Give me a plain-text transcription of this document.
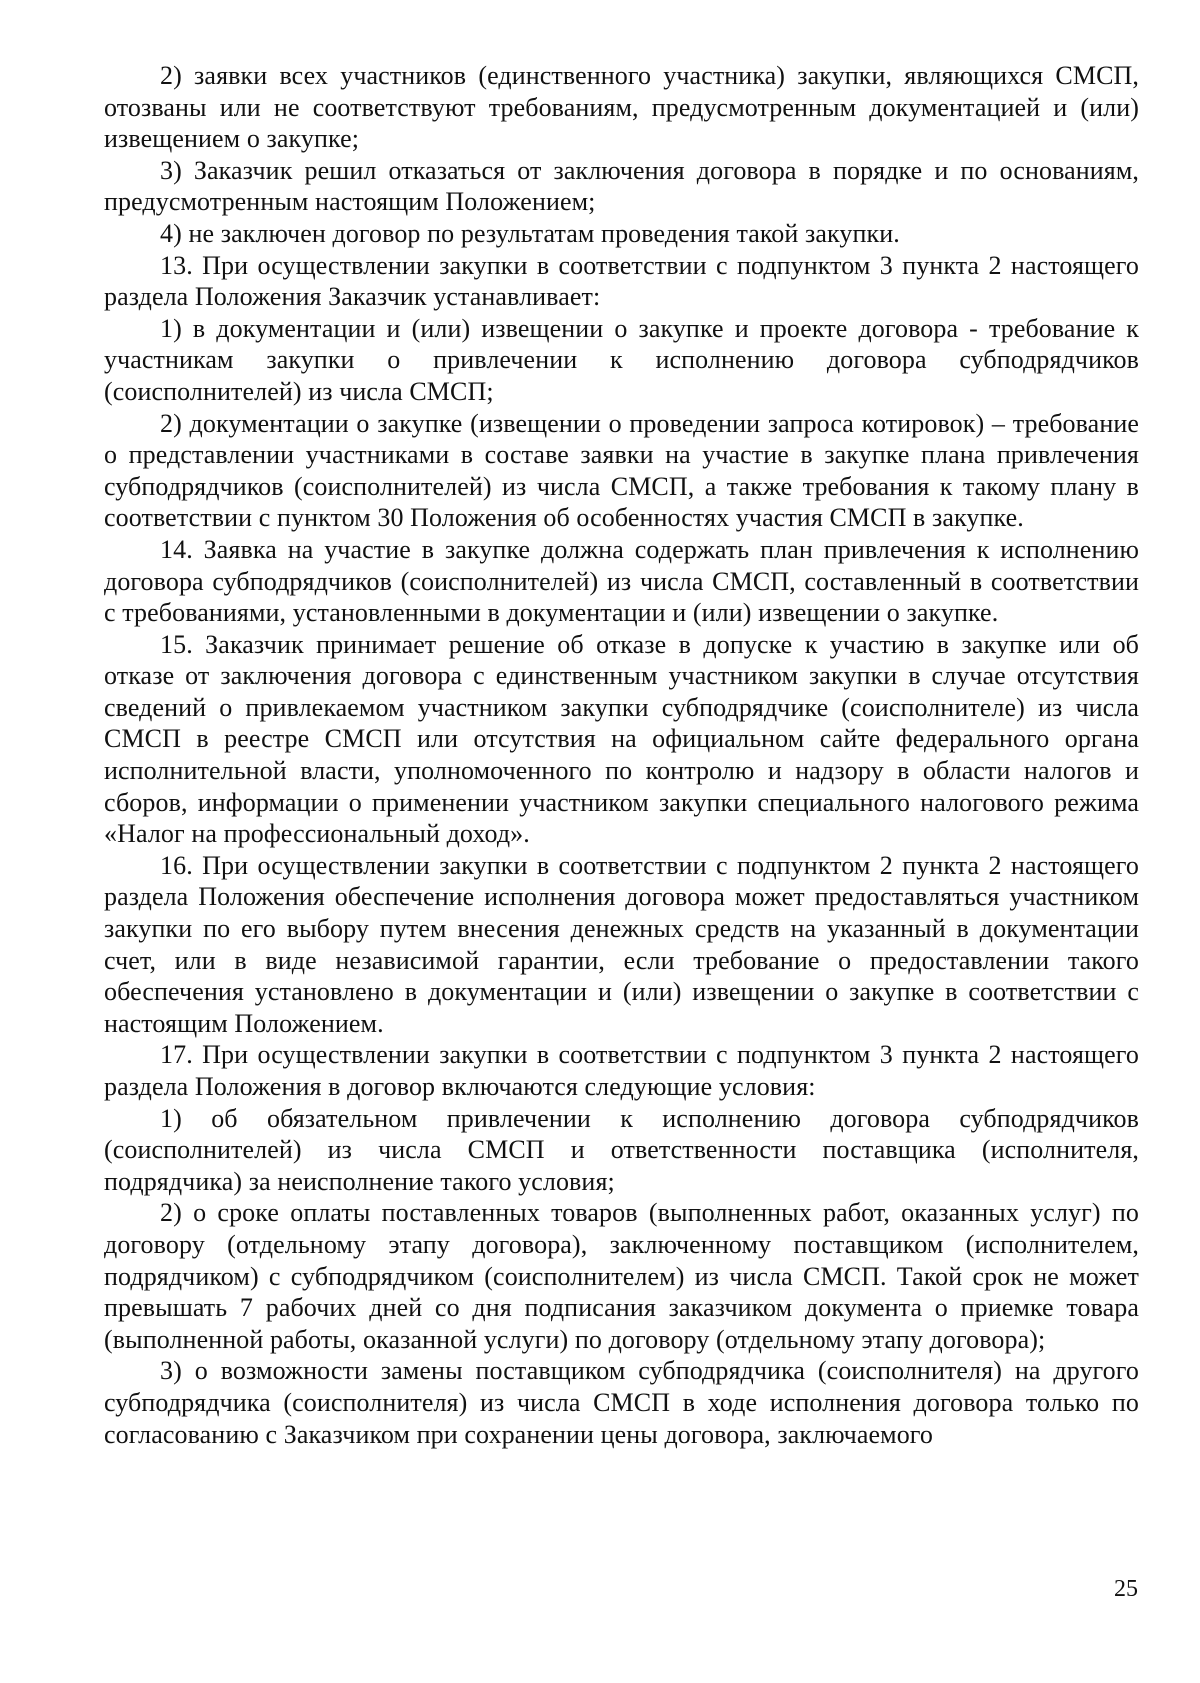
2) заявки всех участников (единственного участника) закупки, являющихся СМСП, отозваны или не соответствуют требованиям, предусмотренным документацией и (или) извещением о закупке;

3) Заказчик решил отказаться от заключения договора в порядке и по основаниям, предусмотренным настоящим Положением;

4) не заключен договор по результатам проведения такой закупки.

13. При осуществлении закупки в соответствии с подпунктом 3 пункта 2 настоящего раздела Положения Заказчик устанавливает:

1) в документации и (или) извещении о закупке и проекте договора - требование к участникам закупки о привлечении к исполнению договора субподрядчиков (соисполнителей) из числа СМСП;

2) документации о закупке (извещении о проведении запроса котировок) – требование о представлении участниками в составе заявки на участие в закупке плана привлечения субподрядчиков (соисполнителей) из числа СМСП, а также требования к такому плану в соответствии с пунктом 30 Положения об особенностях участия СМСП в закупке.

14. Заявка на участие в закупке должна содержать план привлечения к исполнению договора субподрядчиков (соисполнителей) из числа СМСП, составленный в соответствии с требованиями, установленными в документации и (или) извещении о закупке.

15. Заказчик принимает решение об отказе в допуске к участию в закупке или об отказе от заключения договора с единственным участником закупки в случае отсутствия сведений о привлекаемом участником закупки субподрядчике (соисполнителе) из числа СМСП в реестре СМСП или отсутствия на официальном сайте федерального органа исполнительной власти, уполномоченного по контролю и надзору в области налогов и сборов, информации о применении участником закупки специального налогового режима «Налог на профессиональный доход».

16. При осуществлении закупки в соответствии с подпунктом 2 пункта 2 настоящего раздела Положения обеспечение исполнения договора может предоставляться участником закупки по его выбору путем внесения денежных средств на указанный в документации счет, или в виде независимой гарантии, если требование о предоставлении такого обеспечения установлено в документации и (или) извещении о закупке в соответствии с настоящим Положением.

17. При осуществлении закупки в соответствии с подпунктом 3 пункта 2 настоящего раздела Положения в договор включаются следующие условия:

1) об обязательном привлечении к исполнению договора субподрядчиков (соисполнителей) из числа СМСП и ответственности поставщика (исполнителя, подрядчика) за неисполнение такого условия;

2) о сроке оплаты поставленных товаров (выполненных работ, оказанных услуг) по договору (отдельному этапу договора), заключенному поставщиком (исполнителем, подрядчиком) с субподрядчиком (соисполнителем) из числа СМСП. Такой срок не может превышать 7 рабочих дней со дня подписания заказчиком документа о приемке товара (выполненной работы, оказанной услуги) по договору (отдельному этапу договора);

3) о возможности замены поставщиком субподрядчика (соисполнителя) на другого субподрядчика (соисполнителя) из числа СМСП в ходе исполнения договора только по согласованию с Заказчиком при сохранении цены договора, заключаемого

25
